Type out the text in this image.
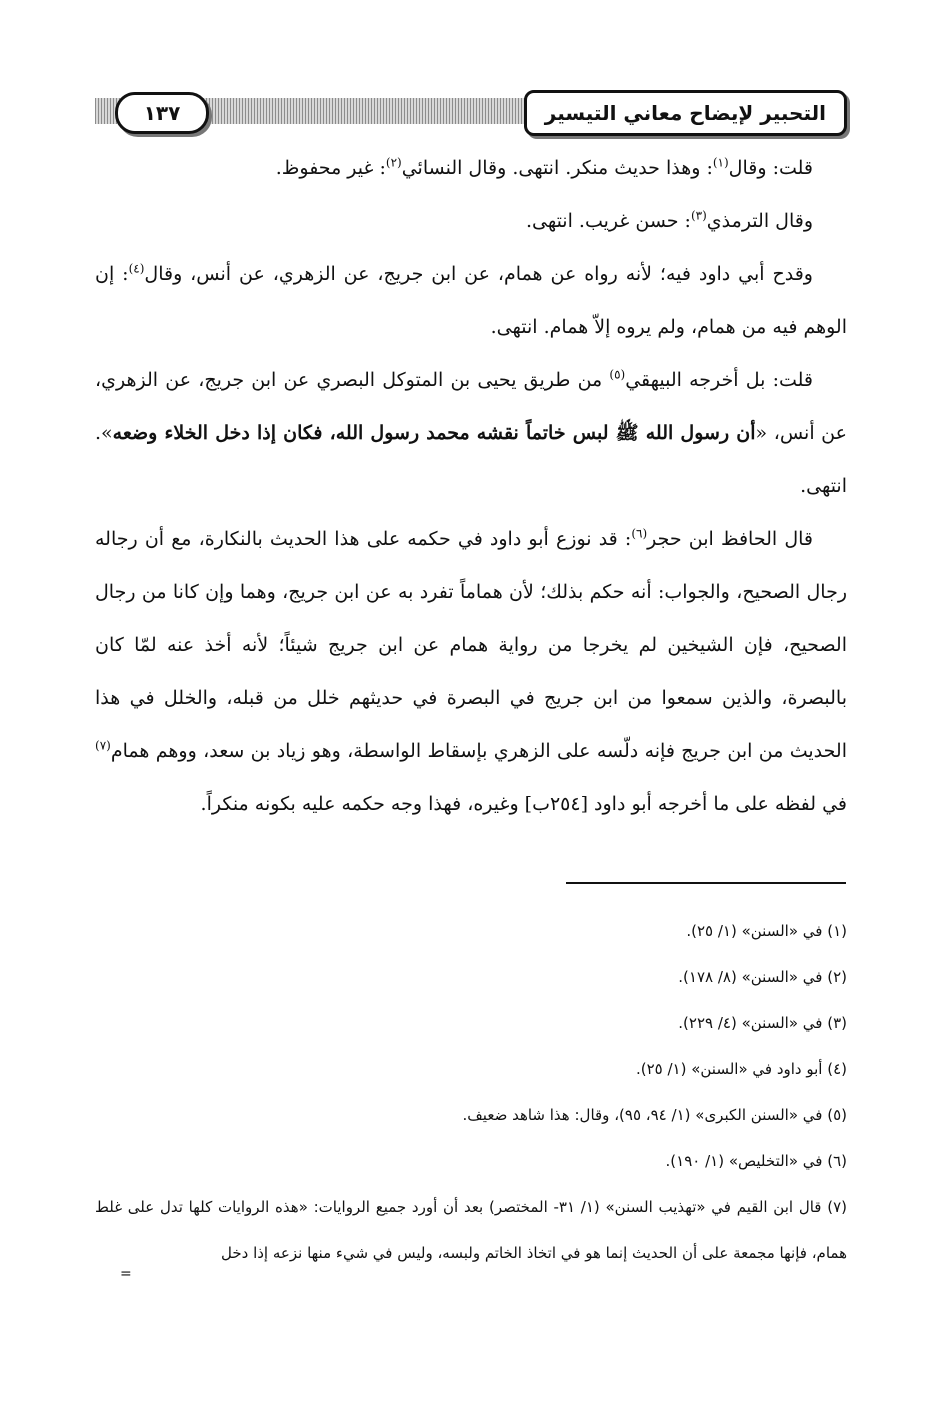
١٣٧	التحبير لإيضاح معاني التيسير

قلت: وقال$^{(١)}$: وهذا حديث منكر. انتهى. وقال النسائي$^{(٢)}$: غير محفوظ.

وقال الترمذي$^{(٣)}$: حسن غريب. انتهى.

وقدح أبي داود فيه؛ لأنه رواه عن همام، عن ابن جريج، عن الزهري، عن أنس، وقال$^{(٤)}$: إن الوهم فيه من همام، ولم يروه إلاّ همام. انتهى.

قلت: بل أخرجه البيهقي$^{(٥)}$ من طريق يحيى بن المتوكل البصري عن ابن جريج، عن الزهري، عن أنس، «أن رسول الله ﷺ لبس خاتماً نقشه محمد رسول الله، فكان إذا دخل الخلاء وضعه». انتهى.

قال الحافظ ابن حجر$^{(٦)}$: قد نوزع أبو داود في حكمه على هذا الحديث بالنكارة، مع أن رجاله رجال الصحيح، والجواب: أنه حكم بذلك؛ لأن هماماً تفرد به عن ابن جريج، وهما وإن كانا من رجال الصحيح، فإن الشيخين لم يخرجا من رواية همام عن ابن جريج شيئاً؛ لأنه أخذ عنه لمّا كان بالبصرة، والذين سمعوا من ابن جريج في البصرة في حديثهم خلل من قبله، والخلل في هذا الحديث من ابن جريج فإنه دلّسه على الزهري بإسقاط الواسطة، وهو زياد بن سعد، ووهم همام$^{(٧)}$ في لفظه على ما أخرجه أبو داود [٢٥٤ب] وغيره، فهذا وجه حكمه عليه بكونه منكراً.

(١) في «السنن» (١/ ٢٥).
(٢) في «السنن» (٨/ ١٧٨).
(٣) في «السنن» (٤/ ٢٢٩).
(٤) أبو داود في «السنن» (١/ ٢٥).
(٥) في «السنن الكبرى» (١/ ٩٤، ٩٥)، وقال: هذا شاهد ضعيف.
(٦) في «التخليص» (١/ ١٩٠).
(٧) قال ابن القيم في «تهذيب السنن» (١/ ٣١- المختصر) بعد أن أورد جميع الروايات: «هذه الروايات كلها تدل على غلط همام، فإنها مجمعة على أن الحديث إنما هو في اتخاذ الخاتم ولبسه، وليس في شيء منها نزعه إذا دخل
=
